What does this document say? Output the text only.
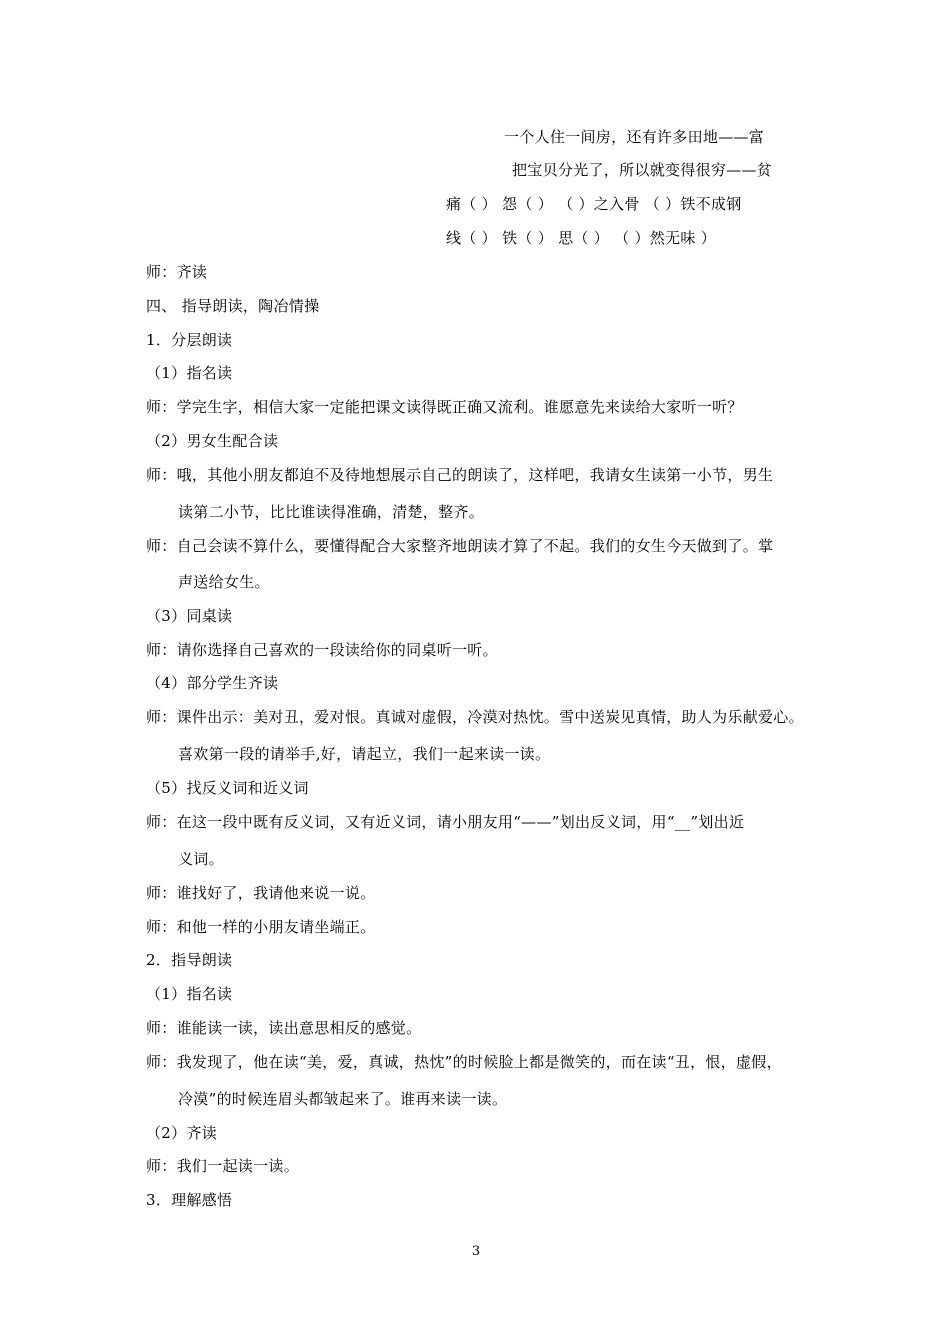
一个人住一间房，还有许多田地——富
把宝贝分光了，所以就变得很穷——贫
痛（ ） 怨（ ） （ ）之入骨 （ ）铁不成钢
线（ ） 铁（ ） 思（ ） （ ）然无味 ）
师：齐读
四、 指导朗读，陶冶情操
1．分层朗读
（1）指名读
师：学完生字，相信大家一定能把课文读得既正确又流利。谁愿意先来读给大家听一听？
（2）男女生配合读
师：哦，其他小朋友都迫不及待地想展示自己的朗读了，这样吧，我请女生读第一小节，男生
读第二小节，比比谁读得准确，清楚，整齐。
师：自己会读不算什么，要懂得配合大家整齐地朗读才算了不起。我们的女生今天做到了。掌
声送给女生。
（3）同桌读
师：请你选择自己喜欢的一段读给你的同桌听一听。
（4）部分学生齐读
师：课件出示：美对丑，爱对恨。真诚对虚假，冷漠对热忱。雪中送炭见真情，助人为乐献爱心。
喜欢第一段的请举手,好，请起立，我们一起来读一读。
（5）找反义词和近义词
师：在这一段中既有反义词，又有近义词，请小朋友用“——”划出反义词，用“__”划出近
义词。
师：谁找好了，我请他来说一说。
师：和他一样的小朋友请坐端正。
2．指导朗读
（1）指名读
师：谁能读一读，读出意思相反的感觉。
师：我发现了，他在读“美，爱，真诚，热忱”的时候脸上都是微笑的，而在读“丑，恨，虚假，
冷漠”的时候连眉头都皱起来了。谁再来读一读。
（2）齐读
师：我们一起读一读。
3．理解感悟
3
